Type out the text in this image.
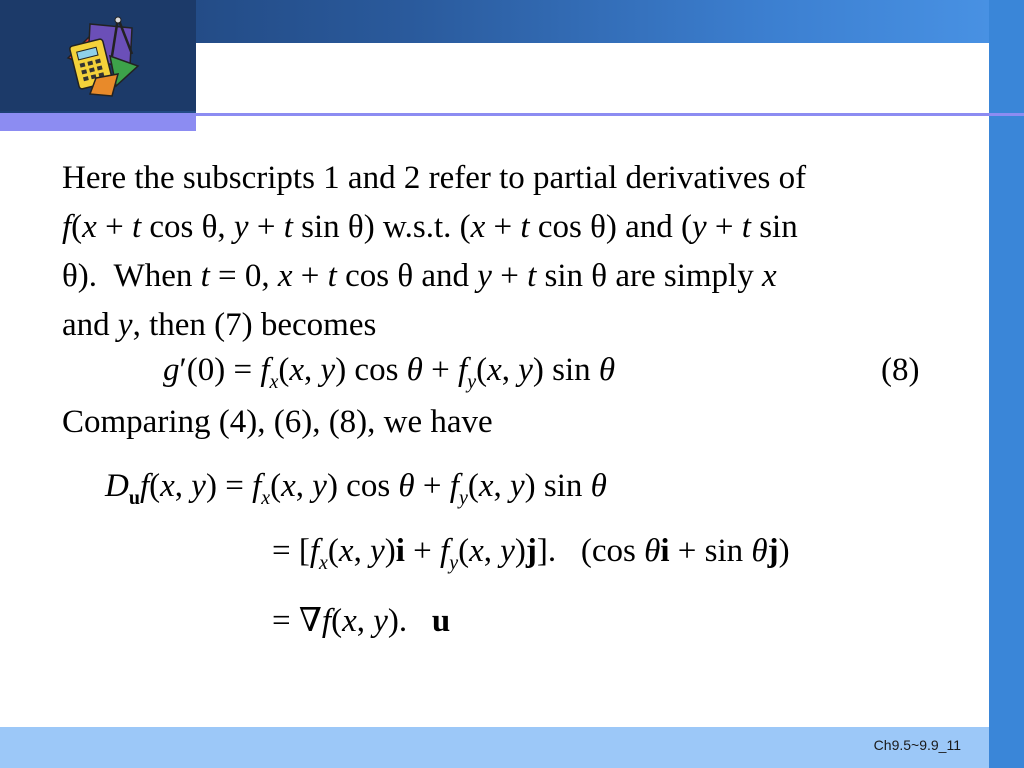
Here the subscripts 1 and 2 refer to partial derivatives of

f(x + t cos θ, y + t sin θ) w.s.t. (x + t cos θ) and (y + t sin

θ).  When t = 0, x + t cos θ and y + t sin θ are simply x

and y, then (7) becomes

$g'(0) = f_x(x$, y) $\cos \theta + f_y(x$, y) sin θ	(8)
Comparing (4), (6), (8), we have
$D_uf(x$, $y) = f_x(x$, y) $\cos \theta + f_y(x$, y) sin θ
= [$f_x(x$, $y)i + f_y(x$, y)j].   (cos θi + sin θj)
= ∇f(x, y).   u
Ch9.5~9.9_11
